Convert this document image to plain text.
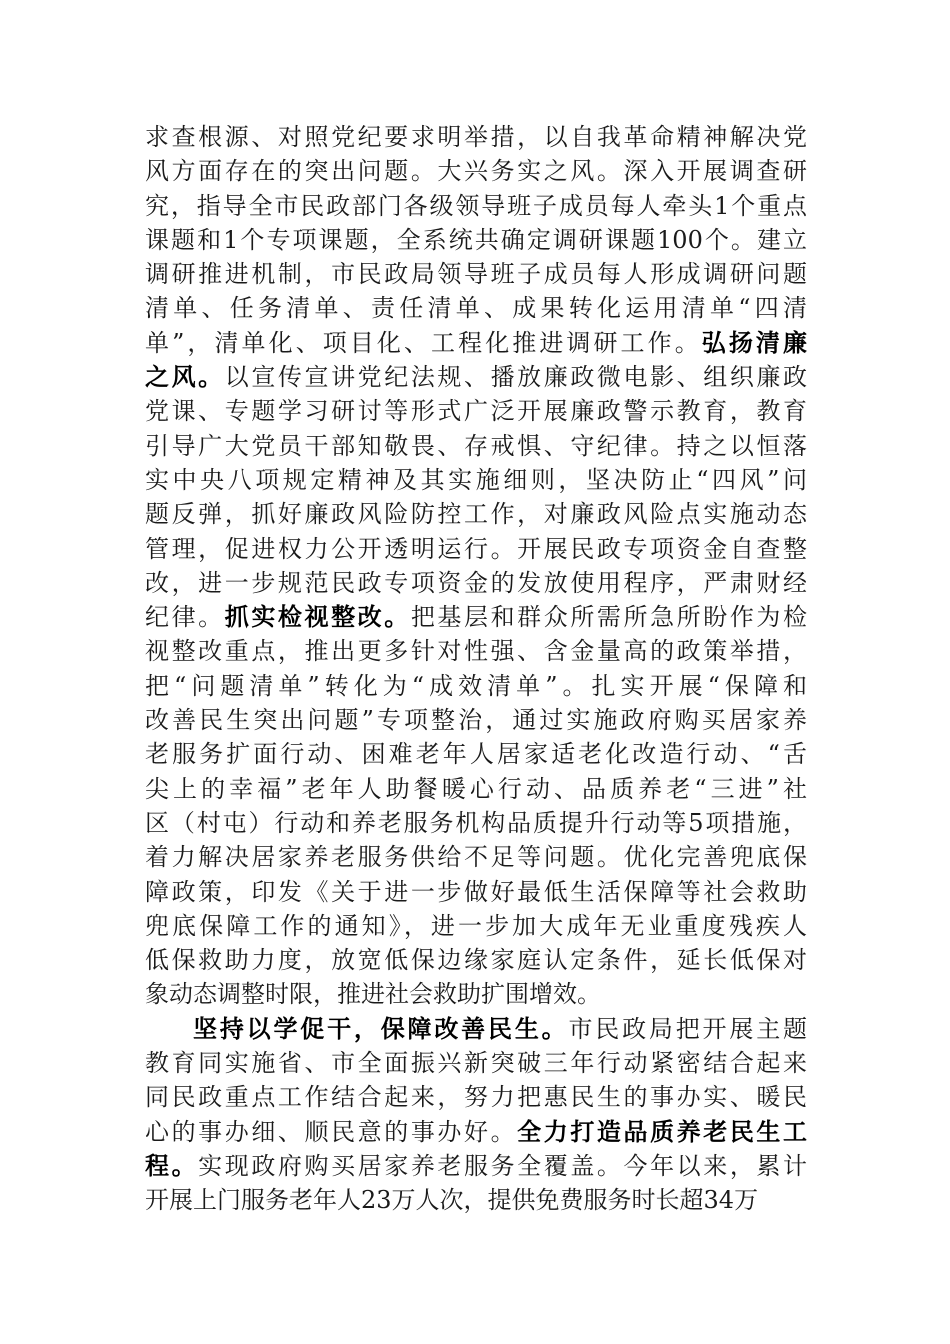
求查根源、对照党纪要求明举措，以自我革命精神解决党
风方面存在的突出问题。大兴务实之风。深入开展调查研
究，指导全市民政部门各级领导班子成员每人牵头1个重点
课题和1个专项课题，全系统共确定调研课题100个。建立
调研推进机制，市民政局领导班子成员每人形成调研问题
清单、任务清单、责任清单、成果转化运用清单“四清
单”，清单化、项目化、工程化推进调研工作。弘扬清廉
之风。以宣传宣讲党纪法规、播放廉政微电影、组织廉政
党课、专题学习研讨等形式广泛开展廉政警示教育，教育
引导广大党员干部知敬畏、存戒惧、守纪律。持之以恒落
实中央八项规定精神及其实施细则，坚决防止“四风”问
题反弹，抓好廉政风险防控工作，对廉政风险点实施动态
管理，促进权力公开透明运行。开展民政专项资金自查整
改，进一步规范民政专项资金的发放使用程序，严肃财经
纪律。抓实检视整改。把基层和群众所需所急所盼作为检
视整改重点，推出更多针对性强、含金量高的政策举措，
把“问题清单”转化为“成效清单”。扎实开展“保障和
改善民生突出问题”专项整治，通过实施政府购买居家养
老服务扩面行动、困难老年人居家适老化改造行动、“舌
尖上的幸福”老年人助餐暖心行动、品质养老“三进”社
区（村屯）行动和养老服务机构品质提升行动等5项措施，
着力解决居家养老服务供给不足等问题。优化完善兜底保
障政策，印发《关于进一步做好最低生活保障等社会救助
兜底保障工作的通知》，进一步加大成年无业重度残疾人
低保救助力度，放宽低保边缘家庭认定条件，延长低保对
象动态调整时限，推进社会救助扩围增效。
坚持以学促干，保障改善民生。市民政局把开展主题
教育同实施省、市全面振兴新突破三年行动紧密结合起来
同民政重点工作结合起来，努力把惠民生的事办实、暖民
心的事办细、顺民意的事办好。全力打造品质养老民生工
程。实现政府购买居家养老服务全覆盖。今年以来，累计
开展上门服务老年人23万人次，提供免费服务时长超34万
